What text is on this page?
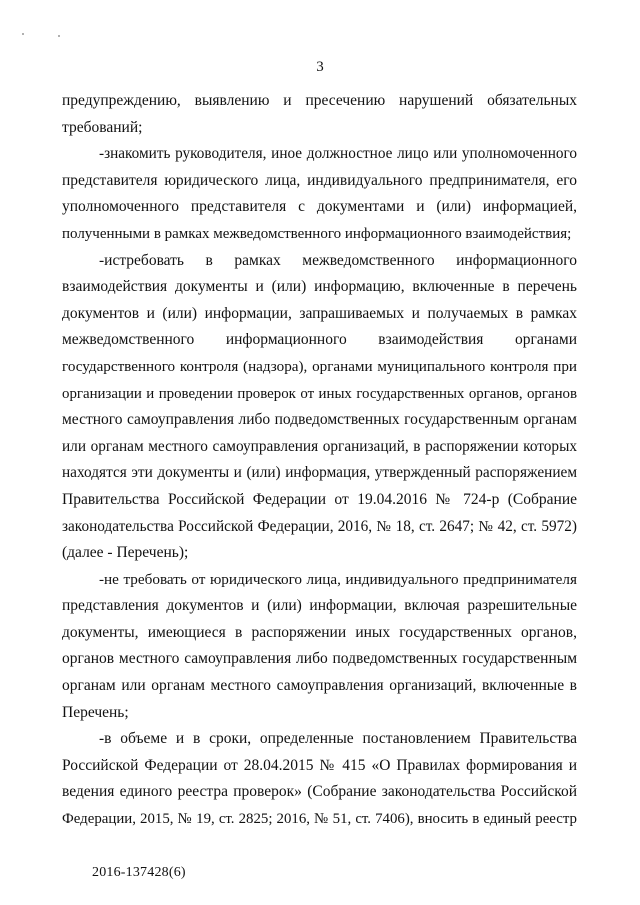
3

предупреждению, выявлению и пресечению нарушений обязательных
требований;

-знакомить руководителя, иное должностное лицо или уполномоченного
представителя юридического лица, индивидуального предпринимателя, его
уполномоченного представителя с документами и (или) информацией,
полученными в рамках межведомственного информационного взаимодействия;

-истребовать в рамках межведомственного информационного
взаимодействия документы и (или) информацию, включенные в перечень
документов и (или) информации, запрашиваемых и получаемых в рамках
межведомственного информационного взаимодействия органами
государственного контроля (надзора), органами муниципального контроля при
организации и проведении проверок от иных государственных органов, органов
местного самоуправления либо подведомственных государственным органам
или органам местного самоуправления организаций, в распоряжении которых
находятся эти документы и (или) информация, утвержденный распоряжением
Правительства Российской Федерации от 19.04.2016 № 724-р (Собрание
законодательства Российской Федерации, 2016, № 18, ст. 2647; № 42, ст. 5972)
(далее - Перечень);

-не требовать от юридического лица, индивидуального предпринимателя
представления документов и (или) информации, включая разрешительные
документы, имеющиеся в распоряжении иных государственных органов,
органов местного самоуправления либо подведомственных государственным
органам или органам местного самоуправления организаций, включенные в
Перечень;

-в объеме и в сроки, определенные постановлением Правительства
Российской Федерации от 28.04.2015 № 415 «О Правилах формирования и
ведения единого реестра проверок» (Собрание законодательства Российской
Федерации, 2015, № 19, ст. 2825; 2016, № 51, ст. 7406), вносить в единый реестр

2016-137428(6)
